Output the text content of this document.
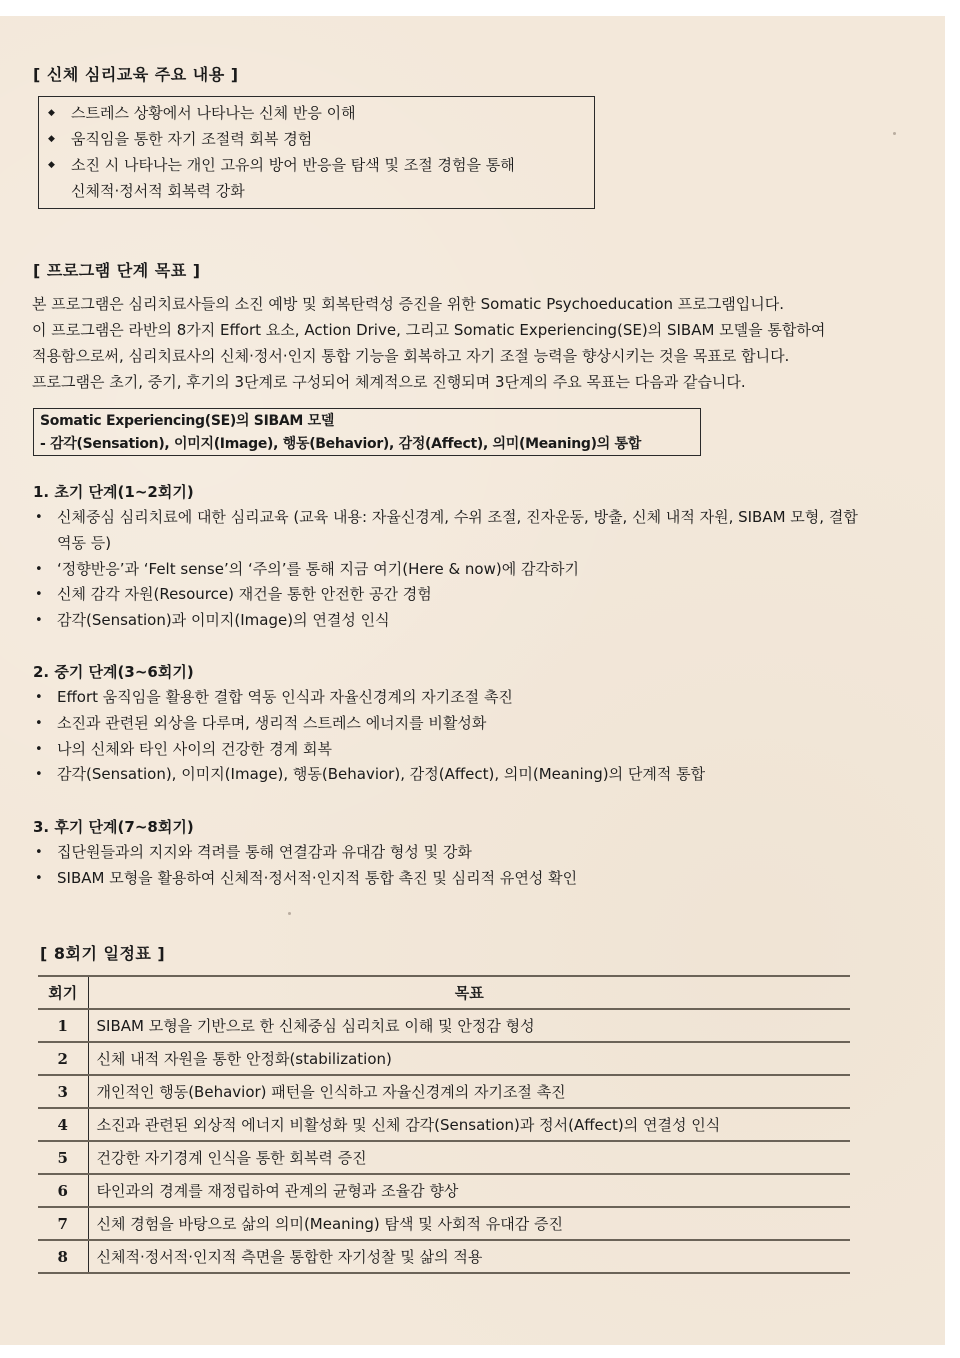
[ 신체 심리교육 주요 내용 ]
◆ 스트레스 상황에서 나타나는 신체 반응 이해
◆ 움직임을 통한 자기 조절력 회복 경험
◆ 소진 시 나타나는 개인 고유의 방어 반응을 탐색 및 조절 경험을 통해
신체적·정서적 회복력 강화
[ 프로그램 단계 목표 ]
본 프로그램은 심리치료사들의 소진 예방 및 회복탄력성 증진을 위한 Somatic Psychoeducation 프로그램입니다.
이 프로그램은 라반의 8가지 Effort 요소, Action Drive, 그리고 Somatic Experiencing(SE)의 SIBAM 모델을 통합하여
적용함으로써, 심리치료사의 신체·정서·인지 통합 기능을 회복하고 자기 조절 능력을 향상시키는 것을 목표로 합니다.
프로그램은 초기, 중기, 후기의 3단계로 구성되어 체계적으로 진행되며 3단계의 주요 목표는 다음과 같습니다.
Somatic Experiencing(SE)의 SIBAM 모델
- 감각(Sensation), 이미지(Image), 행동(Behavior), 감정(Affect), 의미(Meaning)의 통합
1. 초기 단계(1~2회기)
• 신체중심 심리치료에 대한 심리교육 (교육 내용: 자율신경계, 수위 조절, 진자운동, 방출, 신체 내적 자원, SIBAM 모형, 결합
역동 등)
• ‘정향반응’과 ‘Felt sense’의 ‘주의’를 통해 지금 여기(Here & now)에 감각하기
• 신체 감각 자원(Resource) 재건을 통한 안전한 공간 경험
• 감각(Sensation)과 이미지(Image)의 연결성 인식
2. 중기 단계(3~6회기)
• Effort 움직임을 활용한 결합 역동 인식과 자율신경계의 자기조절 촉진
• 소진과 관련된 외상을 다루며, 생리적 스트레스 에너지를 비활성화
• 나의 신체와 타인 사이의 건강한 경계 회복
• 감각(Sensation), 이미지(Image), 행동(Behavior), 감정(Affect), 의미(Meaning)의 단계적 통합
3. 후기 단계(7~8회기)
• 집단원들과의 지지와 격려를 통해 연결감과 유대감 형성 및 강화
• SIBAM 모형을 활용하여 신체적·정서적·인지적 통합 촉진 및 심리적 유연성 확인
[ 8회기 일정표 ]
회기	목표
1	SIBAM 모형을 기반으로 한 신체중심 심리치료 이해 및 안정감 형성
2	신체 내적 자원을 통한 안정화(stabilization)
3	개인적인 행동(Behavior) 패턴을 인식하고 자율신경계의 자기조절 촉진
4	소진과 관련된 외상적 에너지 비활성화 및 신체 감각(Sensation)과 정서(Affect)의 연결성 인식
5	건강한 자기경계 인식을 통한 회복력 증진
6	타인과의 경계를 재정립하여 관계의 균형과 조율감 향상
7	신체 경험을 바탕으로 삶의 의미(Meaning) 탐색 및 사회적 유대감 증진
8	신체적·정서적·인지적 측면을 통합한 자기성찰 및 삶의 적용
